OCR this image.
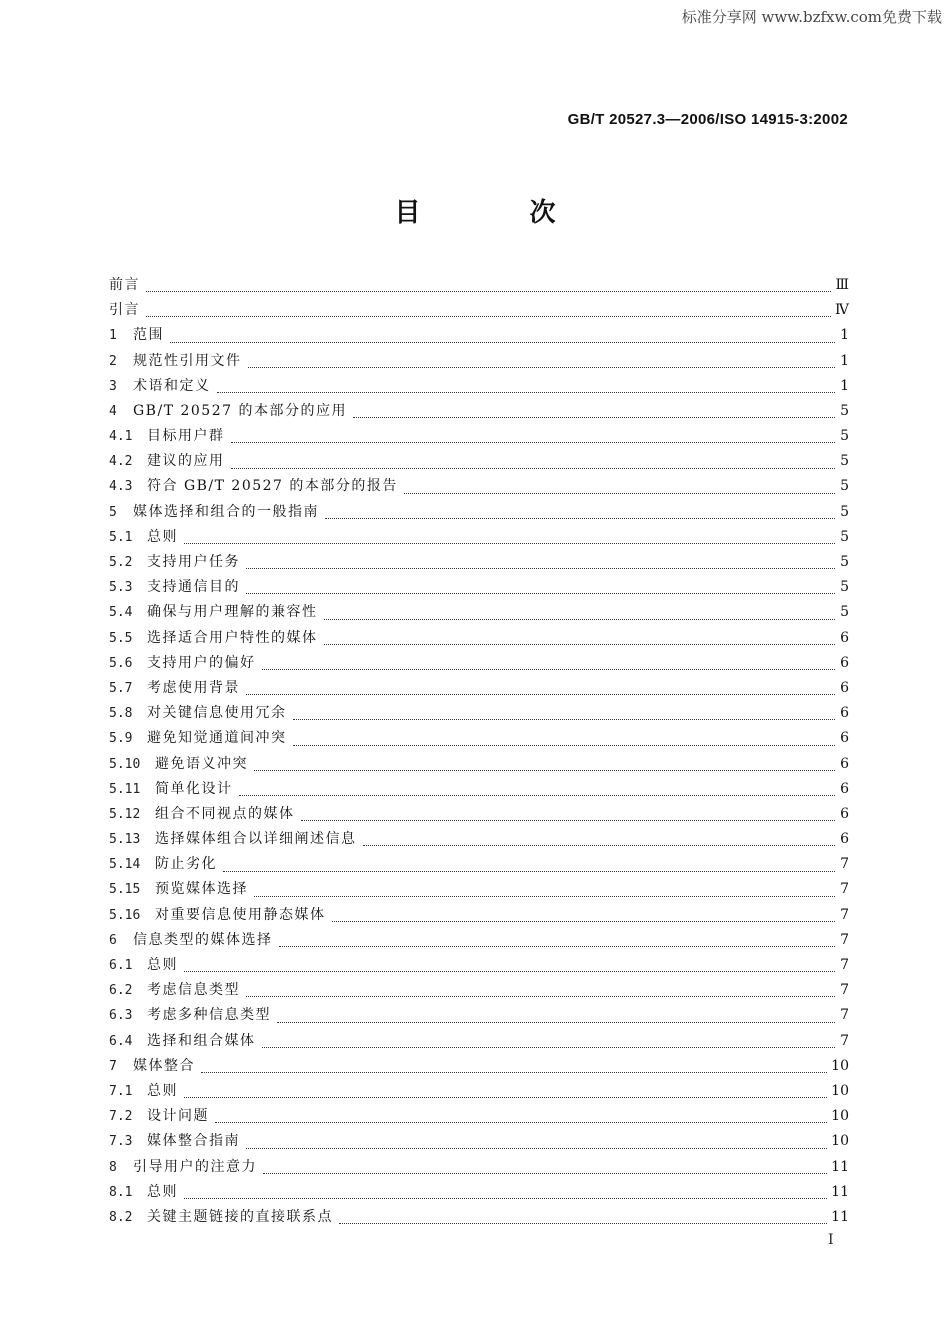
标准分享网 www.bzfxw.com免费下载
GB/T 20527.3—2006/ISO 14915-3:2002
目 次
前言	Ⅲ
引言	Ⅳ
1	范围	1
2	规范性引用文件	1
3	术语和定义	1
4	GB/T 20527 的本部分的应用	5
4.1	目标用户群	5
4.2	建议的应用	5
4.3	符合 GB/T 20527 的本部分的报告	5
5	媒体选择和组合的一般指南	5
5.1	总则	5
5.2	支持用户任务	5
5.3	支持通信目的	5
5.4	确保与用户理解的兼容性	5
5.5	选择适合用户特性的媒体	6
5.6	支持用户的偏好	6
5.7	考虑使用背景	6
5.8	对关键信息使用冗余	6
5.9	避免知觉通道间冲突	6
5.10	避免语义冲突	6
5.11	简单化设计	6
5.12	组合不同视点的媒体	6
5.13	选择媒体组合以详细阐述信息	6
5.14	防止劣化	7
5.15	预览媒体选择	7
5.16	对重要信息使用静态媒体	7
6	信息类型的媒体选择	7
6.1	总则	7
6.2	考虑信息类型	7
6.3	考虑多种信息类型	7
6.4	选择和组合媒体	7
7	媒体整合	10
7.1	总则	10
7.2	设计问题	10
7.3	媒体整合指南	10
8	引导用户的注意力	11
8.1	总则	11
8.2	关键主题链接的直接联系点	11
I
